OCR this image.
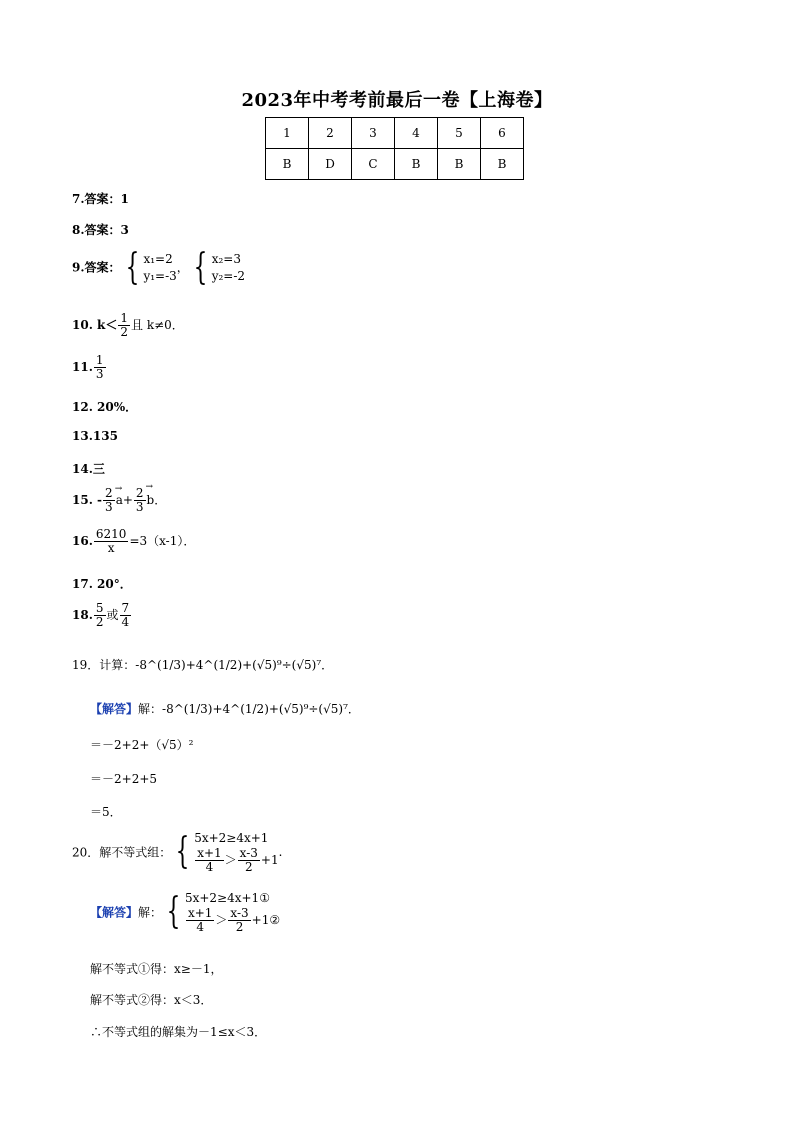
2023年中考考前最后一卷【上海卷】
1	2	3	4	5	6
B	D	C	B	B	B
7.答案：1
8.答案：3
9.答案： { x₁=2
y₁=-3， { x₂=3
y₂=-2
10. $k< \frac{1}{2}$ 且 k≠0．
11. $\frac{1}{3}$
12. 20%．
13.135
14.三
15. - $\frac{2}{3} \to a+ \frac{2}{3} \to b$．
16. $\frac{6210}{x} =3(x-1)$．
17. 20°．
18. $\frac{5}{2}$ 或 $\frac{7}{4}$
19．计算：-8^(1/3)+4^(1/2)+(√5)⁹÷(√5)⁷．
【解答】解：-8^(1/3)+4^(1/2)+(√5)⁹÷(√5)⁷．
＝－2+2+（√5）²
＝－2+2+5
＝5．
20．解不等式组： { 5x+2≥4x+1

$\frac{x+1}{4} > \frac{x-3}{2} +1$．
【解答】解： { 5x+2≥4x+1①

$\frac{x+1}{4} > \frac{x-3}{2}$ +1②
解不等式①得：x≥－1，
解不等式②得：x＜3．
∴不等式组的解集为－1≤x＜3．
